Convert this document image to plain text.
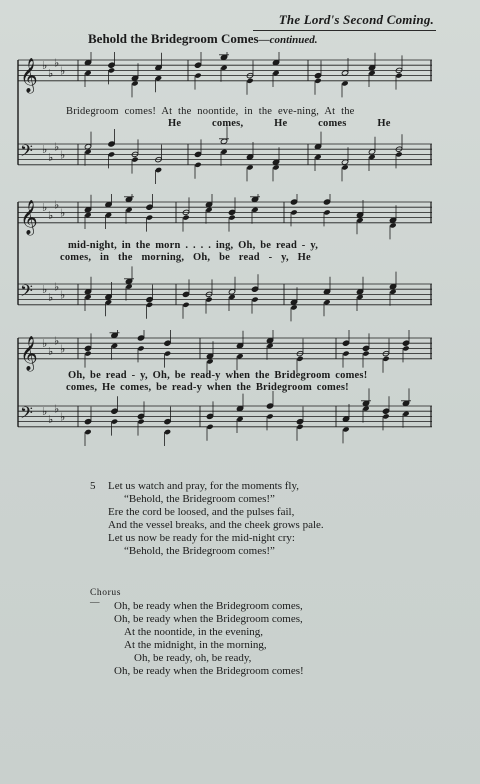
The Lord's Second Coming.
Behold the Bridegroom Comes—continued.
𝄞 ♭
♭
♭
♭
𝄢 ♭
♭
♭
♭
Bridegroom comes! At the noontide, in the eve-ning, At the
He comes, He comes He
𝄞 ♭
♭
♭
♭
𝄢 ♭
♭
♭
♭
mid-night, in the morn . . . . ing, Oh, be read - y,
comes, in the morning, Oh, be read - y, He
𝄞 ♭
♭
♭
♭
𝄢 ♭
♭
♭
♭
Oh, be read - y, Oh, be read-y when the Bridegroom comes!
comes, He comes, be read-y when the Bridegroom comes!
5 Let us watch and pray, for the moments fly,
“Behold, the Bridegroom comes!”
Ere the cord be loosed, and the pulses fail,
And the vessel breaks, and the cheek grows pale.
Let us now be ready for the mid-night cry:
“Behold, the Bridegroom comes!”
Chorus—	Oh, be ready when the Bridegroom comes,
Oh, be ready when the Bridegroom comes,
At the noontide, in the evening,
At the midnight, in the morning,
Oh, be ready, oh, be ready,
Oh, be ready when the Bridegroom comes!
